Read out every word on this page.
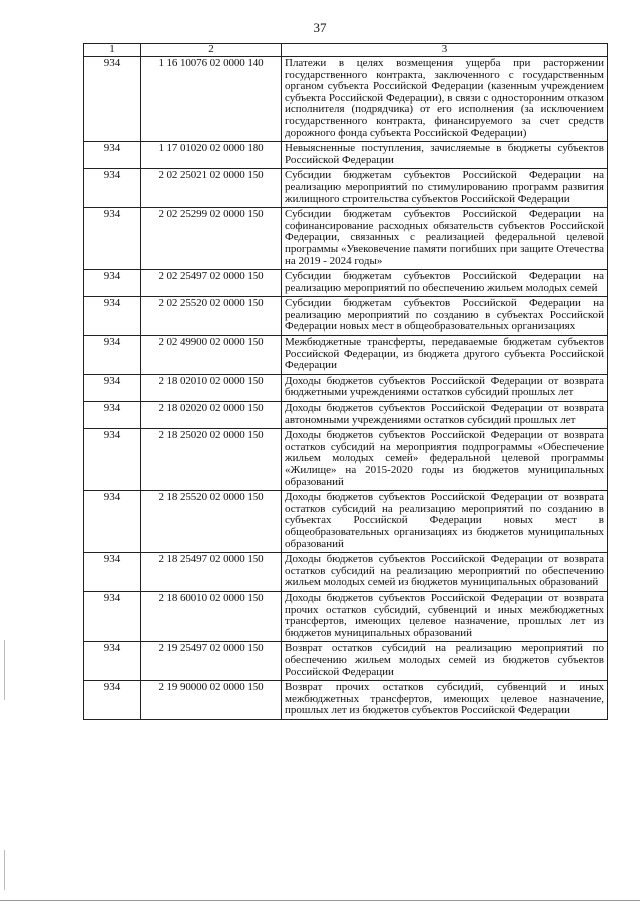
37
1	2	3
934	1 16 10076 02 0000 140	Платежи в целях возмещения ущерба при расторжении государственного контракта, заключенного с государственным органом субъекта Российской Федерации (казенным учреждением субъекта Российской Федерации), в связи с односторонним отказом исполнителя (подрядчика) от его исполнения (за исключением государственного контракта, финансируемого за счет средств дорожного фонда субъекта Российской Федерации)
934	1 17 01020 02 0000 180	Невыясненные поступления, зачисляемые в бюджеты субъектов Российской Федерации
934	2 02 25021 02 0000 150	Субсидии бюджетам субъектов Российской Федерации на реализацию мероприятий по стимулированию программ развития жилищного строительства субъектов Российской Федерации
934	2 02 25299 02 0000 150	Субсидии бюджетам субъектов Российской Федерации на софинансирование расходных обязательств субъектов Российской Федерации, связанных с реализацией федеральной целевой программы «Увековечение памяти погибших при защите Отечества на 2019 - 2024 годы»
934	2 02 25497 02 0000 150	Субсидии бюджетам субъектов Российской Федерации на реализацию мероприятий по обеспечению жильем молодых семей
934	2 02 25520 02 0000 150	Субсидии бюджетам субъектов Российской Федерации на реализацию мероприятий по созданию в субъектах Российской Федерации новых мест в общеобразовательных организациях
934	2 02 49900 02 0000 150	Межбюджетные трансферты, передаваемые бюджетам субъектов Российской Федерации, из бюджета другого субъекта Российской Федерации
934	2 18 02010 02 0000 150	Доходы бюджетов субъектов Российской Федерации от возврата бюджетными учреждениями остатков субсидий прошлых лет
934	2 18 02020 02 0000 150	Доходы бюджетов субъектов Российской Федерации от возврата автономными учреждениями остатков субсидий прошлых лет
934	2 18 25020 02 0000 150	Доходы бюджетов субъектов Российской Федерации от возврата остатков субсидий на мероприятия подпрограммы «Обеспечение жильем молодых семей» федеральной целевой программы «Жилище» на 2015-2020 годы из бюджетов муниципальных образований
934	2 18 25520 02 0000 150	Доходы бюджетов субъектов Российской Федерации от возврата остатков субсидий на реализацию мероприятий по созданию в субъектах Российской Федерации новых мест в общеобразовательных организациях из бюджетов муниципальных образований
934	2 18 25497 02 0000 150	Доходы бюджетов субъектов Российской Федерации от возврата остатков субсидий на реализацию мероприятий по обеспечению жильем молодых семей из бюджетов муниципальных образований
934	2 18 60010 02 0000 150	Доходы бюджетов субъектов Российской Федерации от возврата прочих остатков субсидий, субвенций и иных межбюджетных трансфертов, имеющих целевое назначение, прошлых лет из бюджетов муниципальных образований
934	2 19 25497 02 0000 150	Возврат остатков субсидий на реализацию мероприятий по обеспечению жильем молодых семей из бюджетов субъектов Российской Федерации
934	2 19 90000 02 0000 150	Возврат прочих остатков субсидий, субвенций и иных межбюджетных трансфертов, имеющих целевое назначение, прошлых лет из бюджетов субъектов Российской Федерации
